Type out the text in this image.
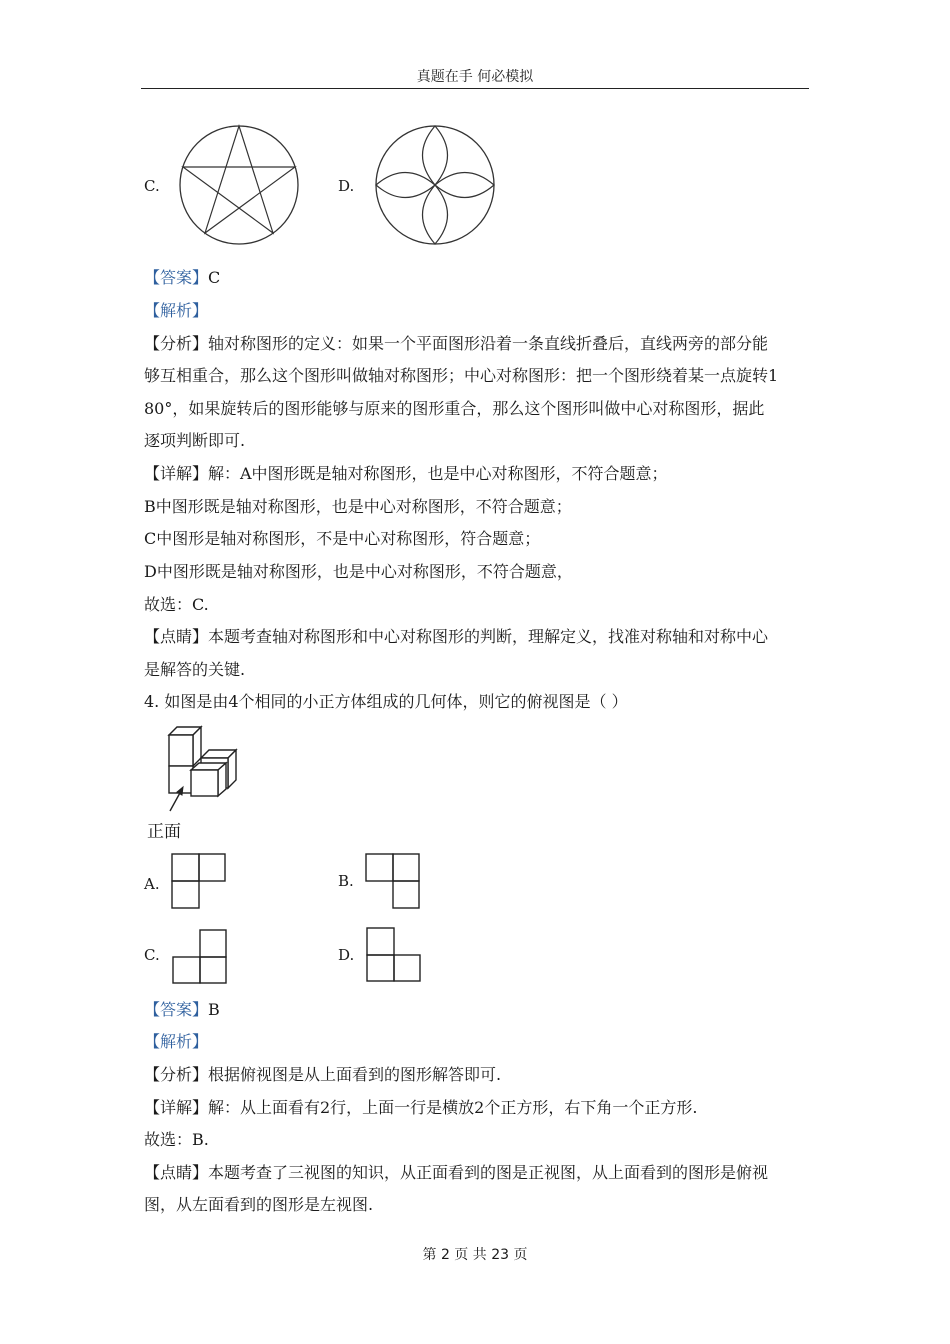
真题在手 何必模拟
C.	D.
【答案】C
【解析】
【分析】轴对称图形的定义：如果一个平面图形沿着一条直线折叠后，直线两旁的部分能
够互相重合，那么这个图形叫做轴对称图形；中心对称图形：把一个图形绕着某一点旋转1
80°，如果旋转后的图形能够与原来的图形重合，那么这个图形叫做中心对称图形，据此
逐项判断即可.
【详解】解：A中图形既是轴对称图形，也是中心对称图形，不符合题意；
B中图形既是轴对称图形，也是中心对称图形，不符合题意；
C中图形是轴对称图形，不是中心对称图形，符合题意；
D中图形既是轴对称图形，也是中心对称图形，不符合题意，
故选：C.
【点睛】本题考查轴对称图形和中心对称图形的判断，理解定义，找准对称轴和对称中心
是解答的关键.
4. 如图是由4个相同的小正方体组成的几何体，则它的俯视图是（ ）
正面
A.	B.
C.	D.
【答案】B
【解析】
【分析】根据俯视图是从上面看到的图形解答即可.
【详解】解：从上面看有2行，上面一行是横放2个正方形，右下角一个正方形.
故选：B.
【点睛】本题考查了三视图的知识，从正面看到的图是正视图，从上面看到的图形是俯视
图，从左面看到的图形是左视图.
第 2 页 共 23 页
